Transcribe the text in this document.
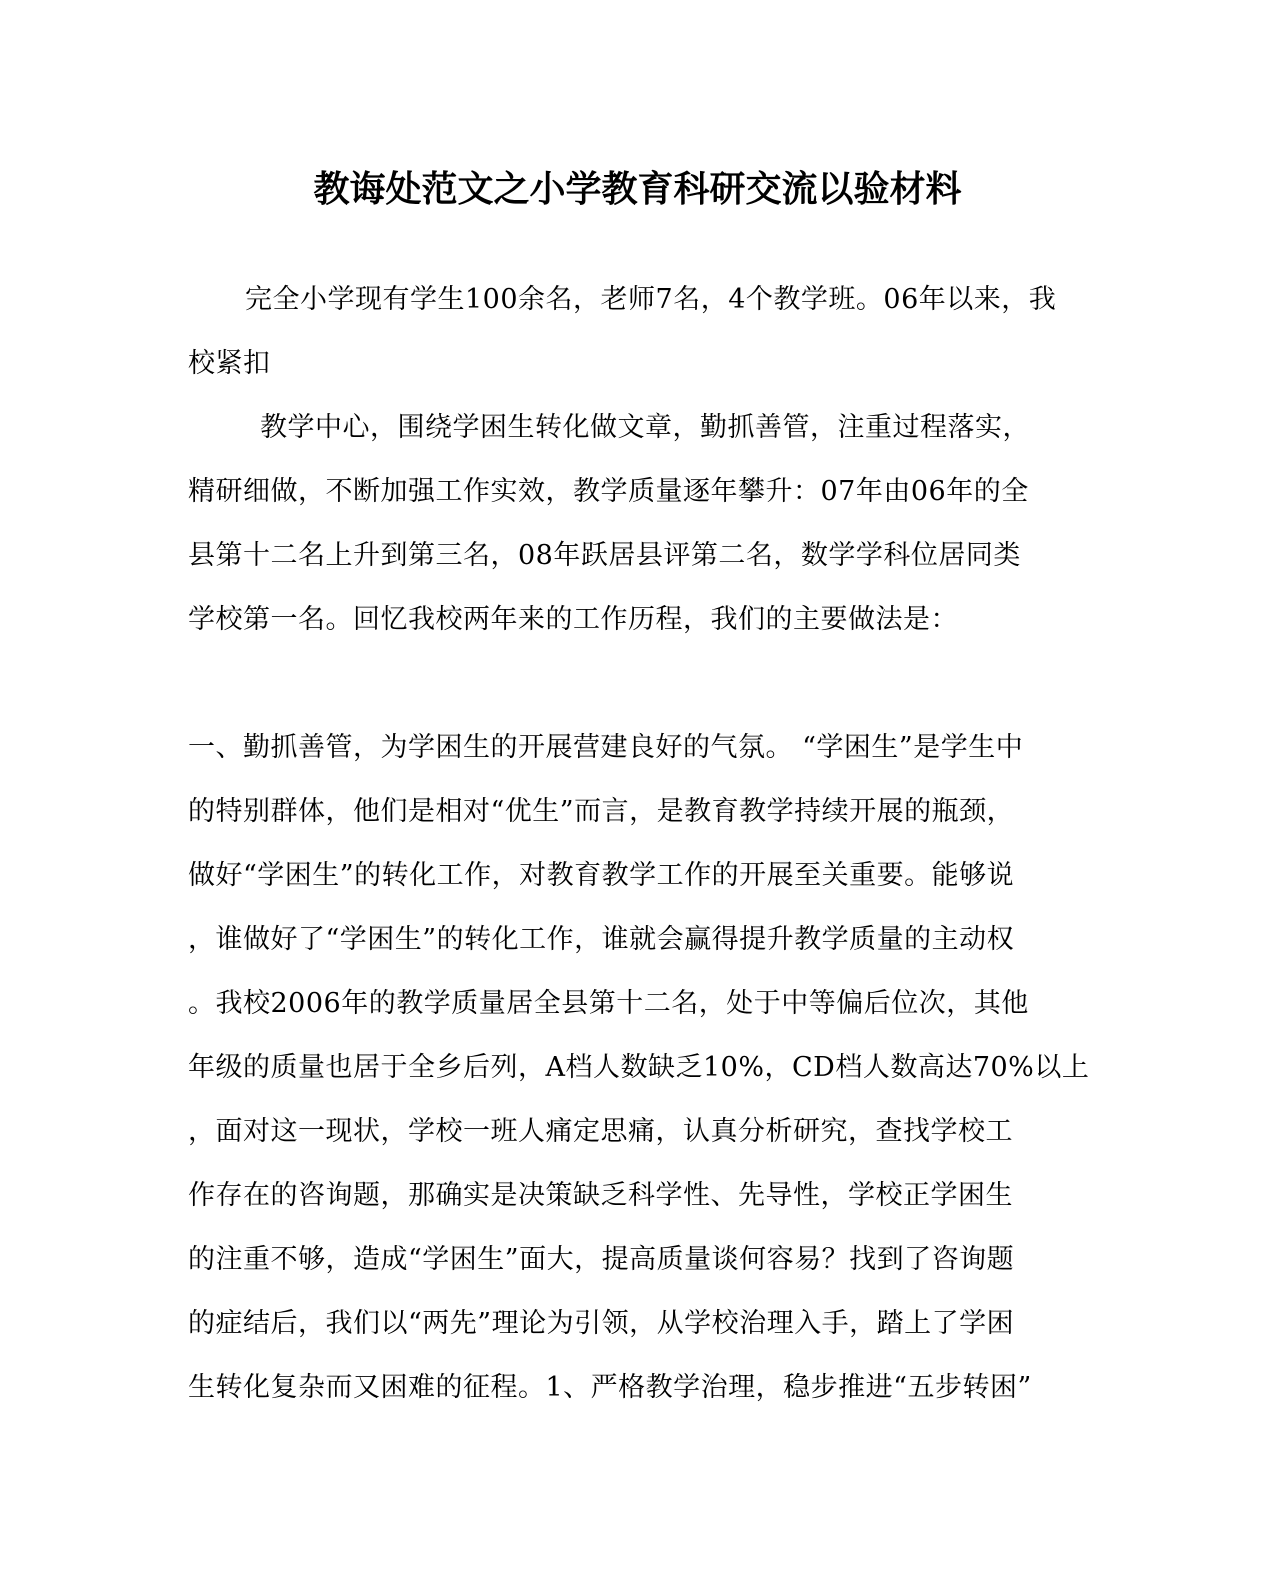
教诲处范文之小学教育科研交流以验材料
完全小学现有学生100余名，老师7名，4个教学班。06年以来，我
校紧扣
教学中心，围绕学困生转化做文章，勤抓善管，注重过程落实，
精研细做，不断加强工作实效，教学质量逐年攀升：07年由06年的全
县第十二名上升到第三名，08年跃居县评第二名，数学学科位居同类
学校第一名。回忆我校两年来的工作历程，我们的主要做法是：
一、勤抓善管，为学困生的开展营建良好的气氛。 “学困生”是学生中
的特别群体，他们是相对“优生”而言，是教育教学持续开展的瓶颈，
做好“学困生”的转化工作，对教育教学工作的开展至关重要。能够说
，谁做好了“学困生”的转化工作，谁就会赢得提升教学质量的主动权
。我校2006年的教学质量居全县第十二名，处于中等偏后位次，其他
年级的质量也居于全乡后列，A档人数缺乏10%，CD档人数高达70%以上
，面对这一现状，学校一班人痛定思痛，认真分析研究，查找学校工
作存在的咨询题，那确实是决策缺乏科学性、先导性，学校正学困生
的注重不够，造成“学困生”面大，提高质量谈何容易？找到了咨询题
的症结后，我们以“两先”理论为引领，从学校治理入手，踏上了学困
生转化复杂而又困难的征程。1、严格教学治理，稳步推进“五步转困”
